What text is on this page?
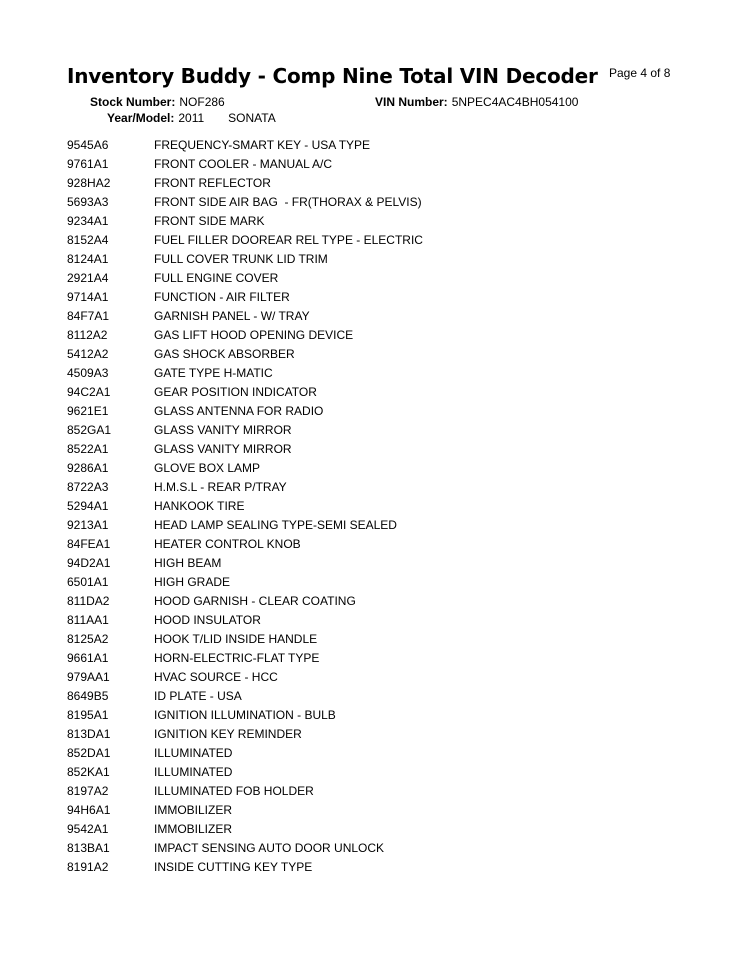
Inventory Buddy - Comp Nine Total VIN Decoder Page 4 of 8
Stock Number: NOF286	VIN Number: 5NPEC4AC4BH054100
Year/Model: 2011 SONATA
9545A6	FREQUENCY-SMART KEY - USA TYPE
9761A1	FRONT COOLER - MANUAL A/C
928HA2	FRONT REFLECTOR
5693A3	FRONT SIDE AIR BAG  - FR(THORAX & PELVIS)
9234A1	FRONT SIDE MARK
8152A4	FUEL FILLER DOOREAR REL TYPE - ELECTRIC
8124A1	FULL COVER TRUNK LID TRIM
2921A4	FULL ENGINE COVER
9714A1	FUNCTION - AIR FILTER
84F7A1	GARNISH PANEL - W/ TRAY
8112A2	GAS LIFT HOOD OPENING DEVICE
5412A2	GAS SHOCK ABSORBER
4509A3	GATE TYPE H-MATIC
94C2A1	GEAR POSITION INDICATOR
9621E1	GLASS ANTENNA FOR RADIO
852GA1	GLASS VANITY MIRROR
8522A1	GLASS VANITY MIRROR
9286A1	GLOVE BOX LAMP
8722A3	H.M.S.L - REAR P/TRAY
5294A1	HANKOOK TIRE
9213A1	HEAD LAMP SEALING TYPE-SEMI SEALED
84FEA1	HEATER CONTROL KNOB
94D2A1	HIGH BEAM
6501A1	HIGH GRADE
811DA2	HOOD GARNISH - CLEAR COATING
811AA1	HOOD INSULATOR
8125A2	HOOK T/LID INSIDE HANDLE
9661A1	HORN-ELECTRIC-FLAT TYPE
979AA1	HVAC SOURCE - HCC
8649B5	ID PLATE - USA
8195A1	IGNITION ILLUMINATION - BULB
813DA1	IGNITION KEY REMINDER
852DA1	ILLUMINATED
852KA1	ILLUMINATED
8197A2	ILLUMINATED FOB HOLDER
94H6A1	IMMOBILIZER
9542A1	IMMOBILIZER
813BA1	IMPACT SENSING AUTO DOOR UNLOCK
8191A2	INSIDE CUTTING KEY TYPE
